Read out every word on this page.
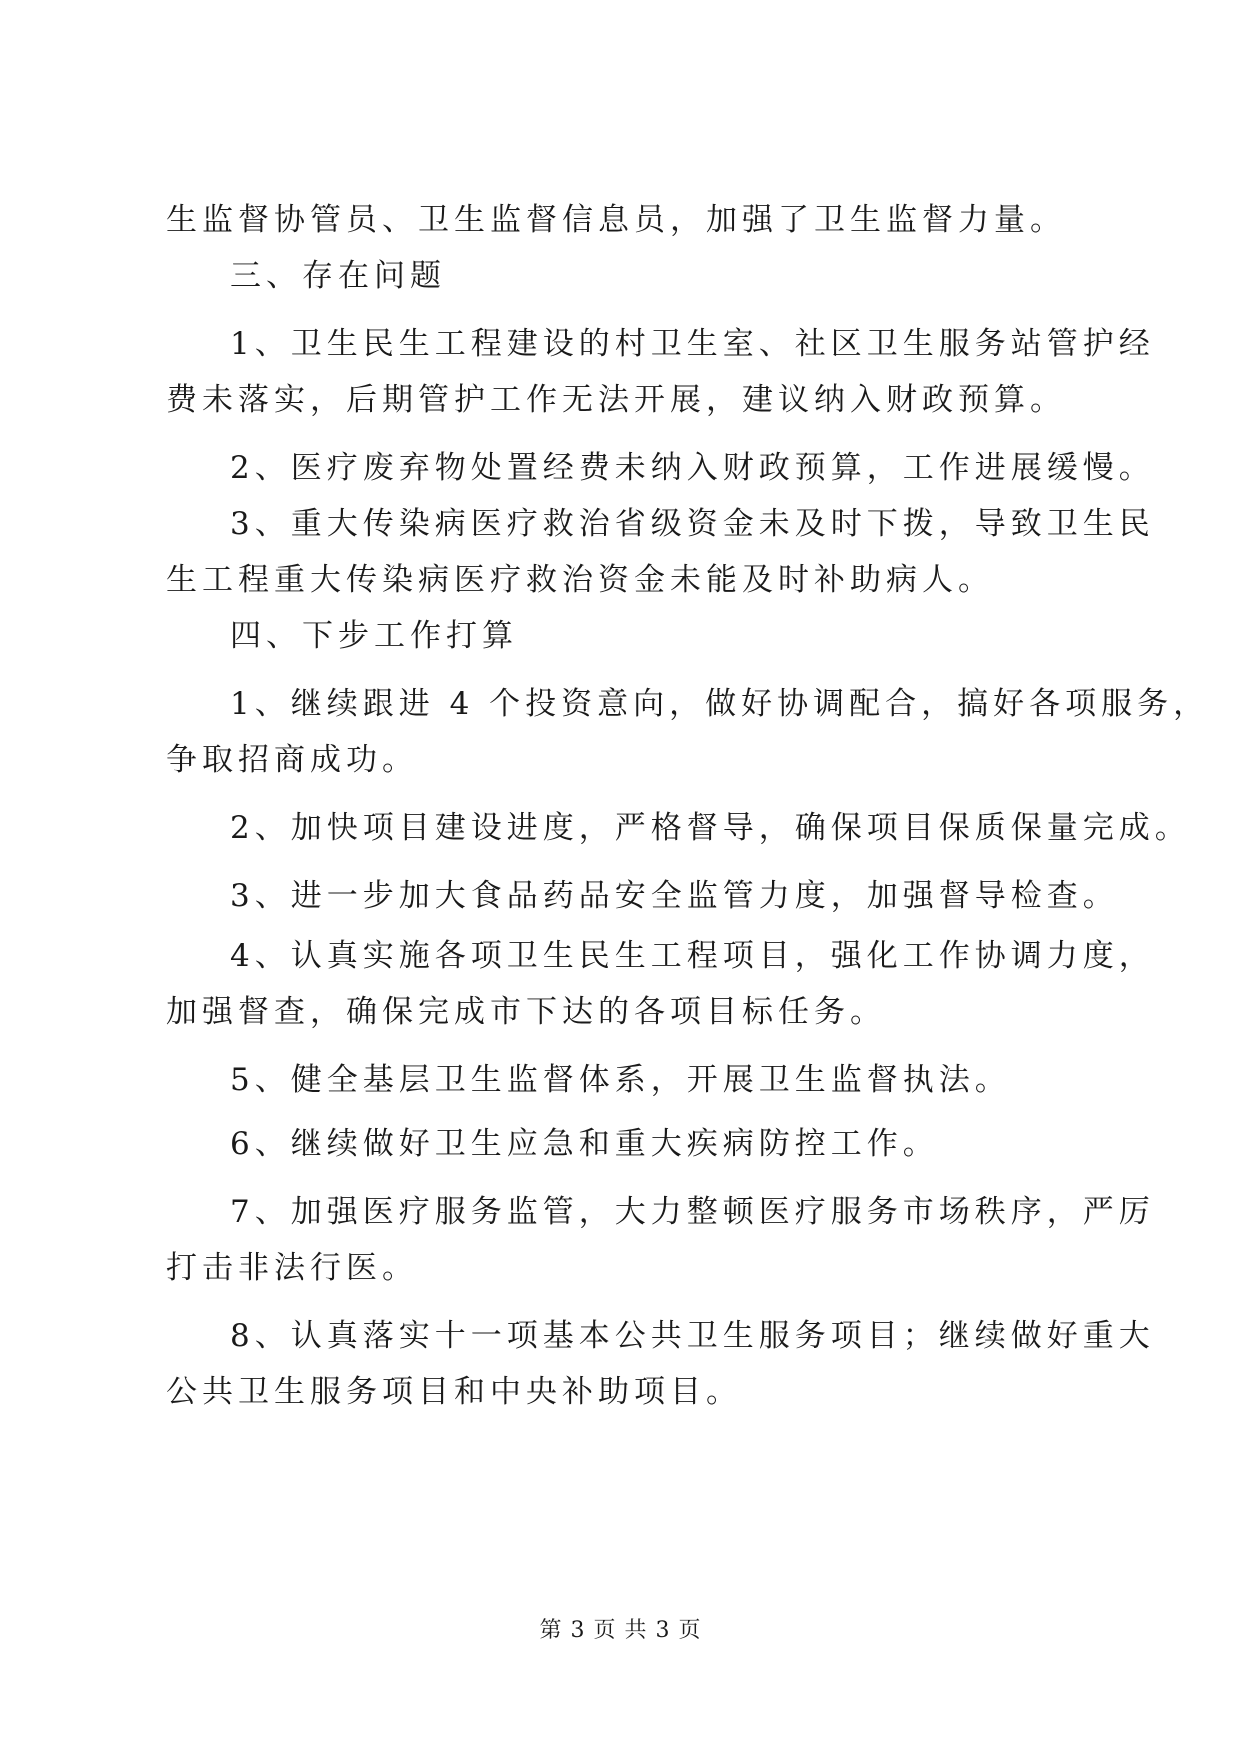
生监督协管员、卫生监督信息员，加强了卫生监督力量。

三、存在问题

1、卫生民生工程建设的村卫生室、社区卫生服务站管护经

费未落实，后期管护工作无法开展，建议纳入财政预算。

2、医疗废弃物处置经费未纳入财政预算，工作进展缓慢。

3、重大传染病医疗救治省级资金未及时下拨，导致卫生民

生工程重大传染病医疗救治资金未能及时补助病人。

四、下步工作打算

1、继续跟进 4 个投资意向，做好协调配合，搞好各项服务，

争取招商成功。

2、加快项目建设进度，严格督导，确保项目保质保量完成。

3、进一步加大食品药品安全监管力度，加强督导检查。

4、认真实施各项卫生民生工程项目，强化工作协调力度，

加强督查，确保完成市下达的各项目标任务。

5、健全基层卫生监督体系，开展卫生监督执法。

6、继续做好卫生应急和重大疾病防控工作。

7、加强医疗服务监管，大力整顿医疗服务市场秩序，严厉

打击非法行医。

8、认真落实十一项基本公共卫生服务项目；继续做好重大

公共卫生服务项目和中央补助项目。

第 3 页 共 3 页
